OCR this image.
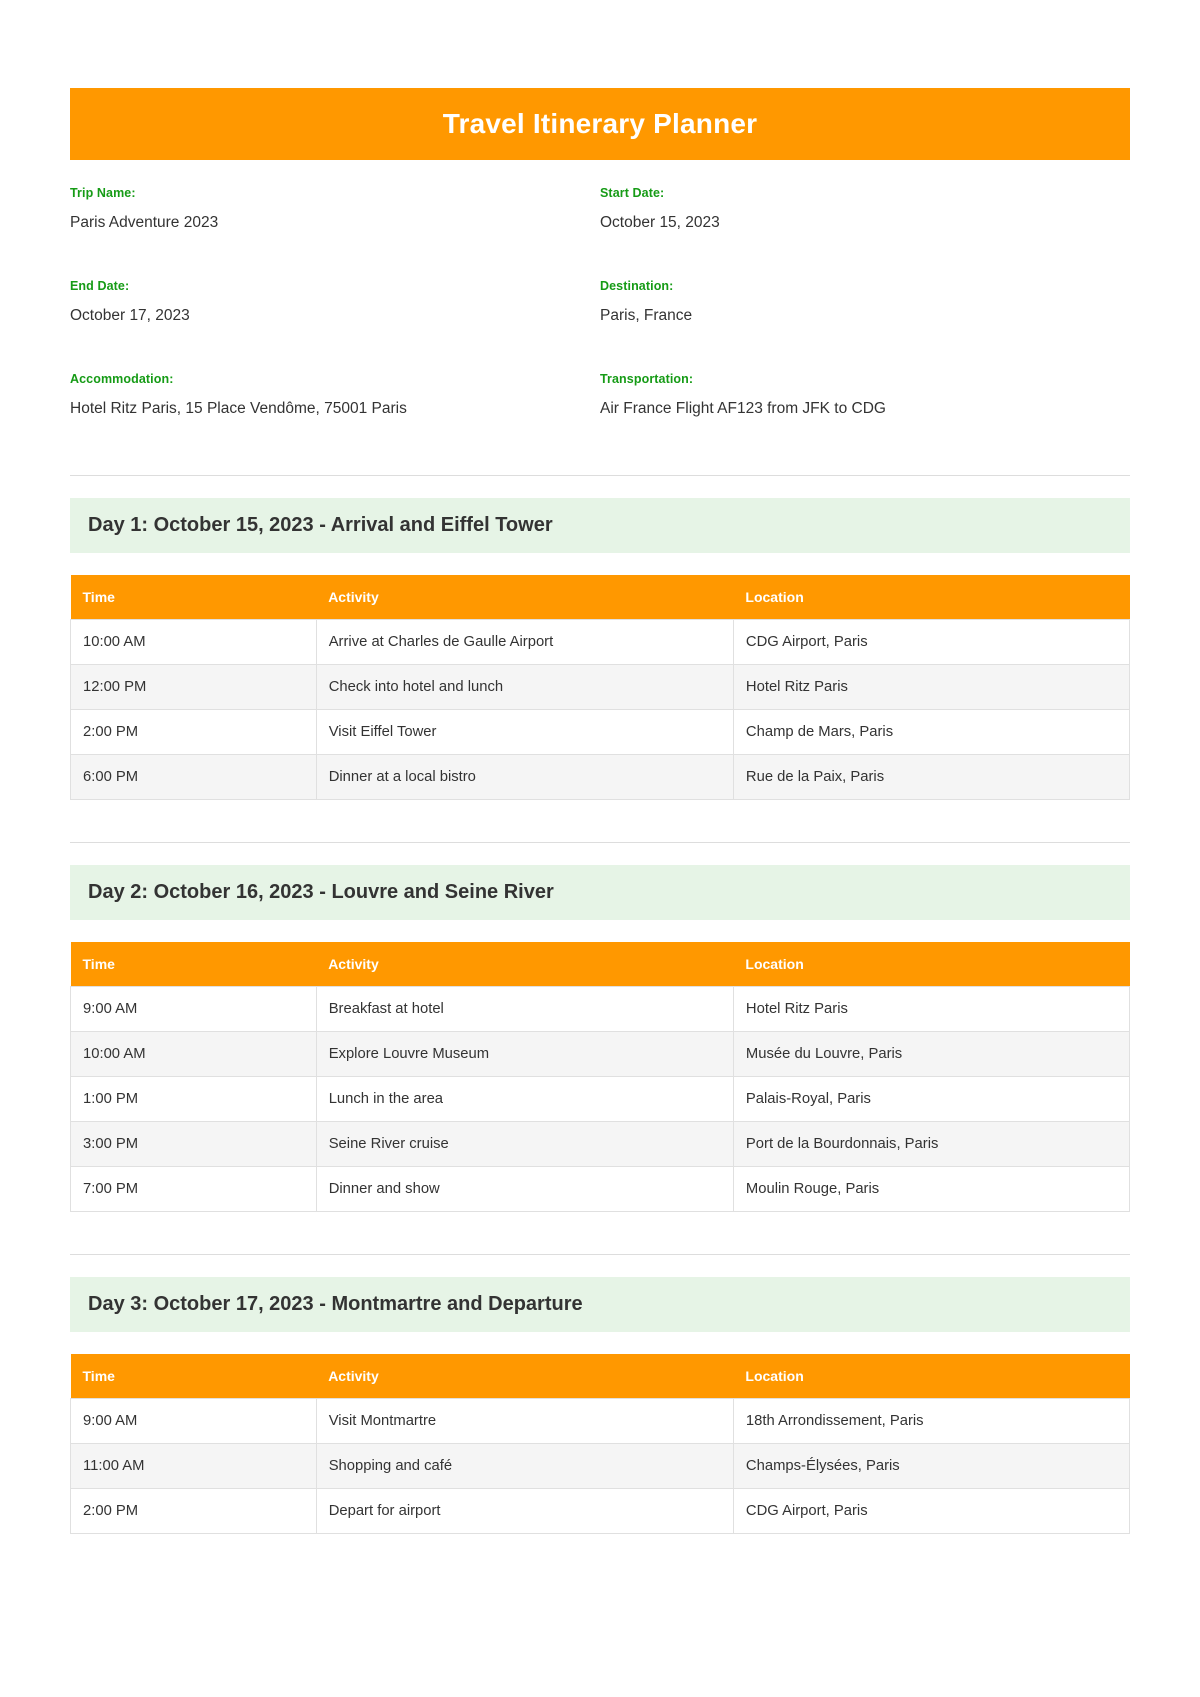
Travel Itinerary Planner
Trip Name:
Paris Adventure 2023
Start Date:
October 15, 2023
End Date:
October 17, 2023
Destination:
Paris, France
Accommodation:
Hotel Ritz Paris, 15 Place Vendôme, 75001 Paris
Transportation:
Air France Flight AF123 from JFK to CDG
Day 1: October 15, 2023 - Arrival and Eiffel Tower
Time	Activity	Location
10:00 AM	Arrive at Charles de Gaulle Airport	CDG Airport, Paris
12:00 PM	Check into hotel and lunch	Hotel Ritz Paris
2:00 PM	Visit Eiffel Tower	Champ de Mars, Paris
6:00 PM	Dinner at a local bistro	Rue de la Paix, Paris
Day 2: October 16, 2023 - Louvre and Seine River
Time	Activity	Location
9:00 AM	Breakfast at hotel	Hotel Ritz Paris
10:00 AM	Explore Louvre Museum	Musée du Louvre, Paris
1:00 PM	Lunch in the area	Palais-Royal, Paris
3:00 PM	Seine River cruise	Port de la Bourdonnais, Paris
7:00 PM	Dinner and show	Moulin Rouge, Paris
Day 3: October 17, 2023 - Montmartre and Departure
Time	Activity	Location
9:00 AM	Visit Montmartre	18th Arrondissement, Paris
11:00 AM	Shopping and café	Champs-Élysées, Paris
2:00 PM	Depart for airport	CDG Airport, Paris
